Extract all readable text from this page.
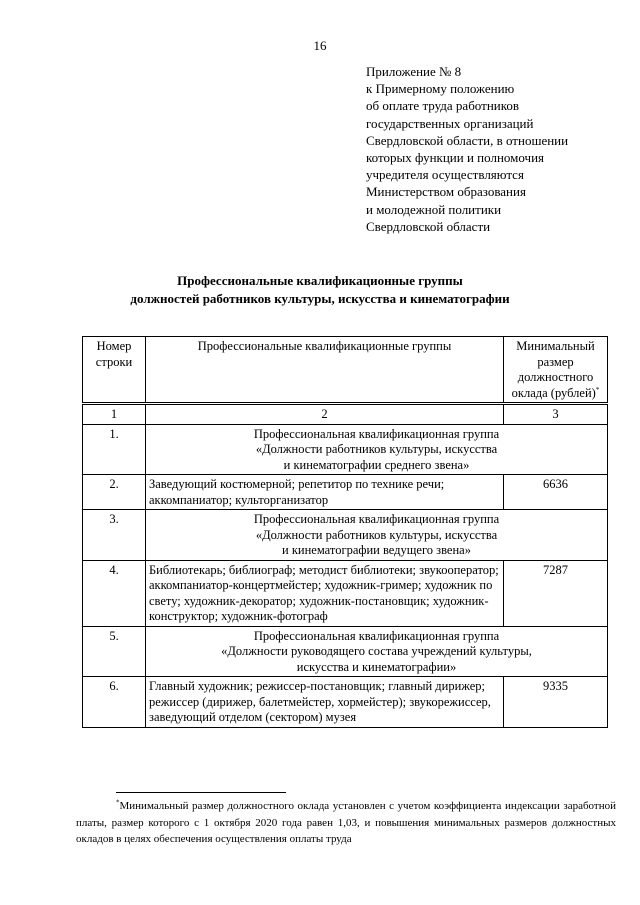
16
Приложение № 8
к Примерному положению
об оплате труда работников
государственных организаций
Свердловской области, в отношении
которых функции и полномочия
учредителя осуществляются
Министерством образования
и молодежной политики
Свердловской области
Профессиональные квалификационные группы
должностей работников культуры, искусства и кинематографии
Номер строки	Профессиональные квалификационные группы	Минимальный размер должностного оклада (рублей)*
1	2	3
1.	Профессиональная квалификационная группа
«Должности работников культуры, искусства
и кинематографии среднего звена»	

2.	Заведующий костюмерной; репетитор по технике речи; аккомпаниатор; культорганизатор	6636
3.	Профессиональная квалификационная группа
«Должности работников культуры, искусства
и кинематографии ведущего звена»	

4.	Библиотекарь; библиограф; методист библиотеки; звукооператор; аккомпаниатор-концертмейстер; художник-гример; художник по свету; художник-декоратор; художник-постановщик; художник-конструктор; художник-фотограф	7287
5.	Профессиональная квалификационная группа
«Должности руководящего состава учреждений культуры,
искусства и кинематографии»	

6.	Главный художник; режиссер-постановщик; главный дирижер; режиссер (дирижер, балетмейстер, хормейстер); звукорежиссер, заведующий отделом (сектором) музея	9335
*Минимальный размер должностного оклада установлен с учетом коэффициента индексации заработной платы, размер которого с 1 октября 2020 года равен 1,03, и повышения минимальных размеров должностных окладов в целях обеспечения осуществления оплаты труда
